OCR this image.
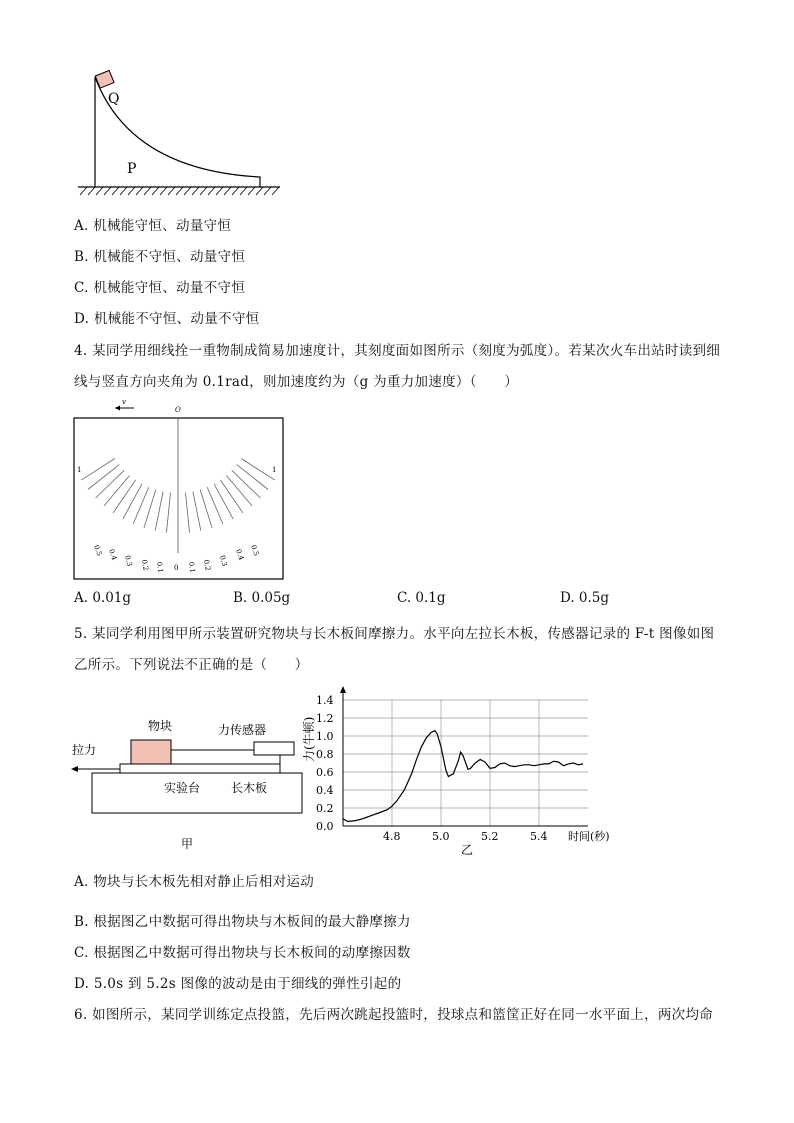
Q
P
A. 机械能守恒、动量守恒
B. 机械能不守恒、动量守恒
C. 机械能守恒、动量不守恒
D. 机械能不守恒、动量不守恒
4. 某同学用细线拴一重物制成简易加速度计，其刻度面如图所示（刻度为弧度）。若某次火车出站时读到细
线与竖直方向夹角为 0.1rad，则加速度约为（g 为重力加速度）（　　）
v
O
1	1
0.5 0.4 0.3 0.2 0.1 0 0.1 0.2 0.3 0.4 0.5
A. 0.01g	B. 0.05g	C. 0.1g	D. 0.5g
5. 某同学利用图甲所示装置研究物块与长木板间摩擦力。水平向左拉长木板，传感器记录的 F-t 图像如图
乙所示。下列说法不正确的是（　　）
物块	力传感器
拉力
实验台	长木板
甲
0.0
0.2
0.4
0.6
0.8
1.0
1.2
1.4
4.8	5.0	5.2	5.4
力(牛顿)
时间(秒)
乙
A. 物块与长木板先相对静止后相对运动
B. 根据图乙中数据可得出物块与木板间的最大静摩擦力
C. 根据图乙中数据可得出物块与长木板间的动摩擦因数
D. 5.0s 到 5.2s 图像的波动是由于细线的弹性引起的
6. 如图所示，某同学训练定点投篮，先后两次跳起投篮时，投球点和篮筐正好在同一水平面上，两次均命
